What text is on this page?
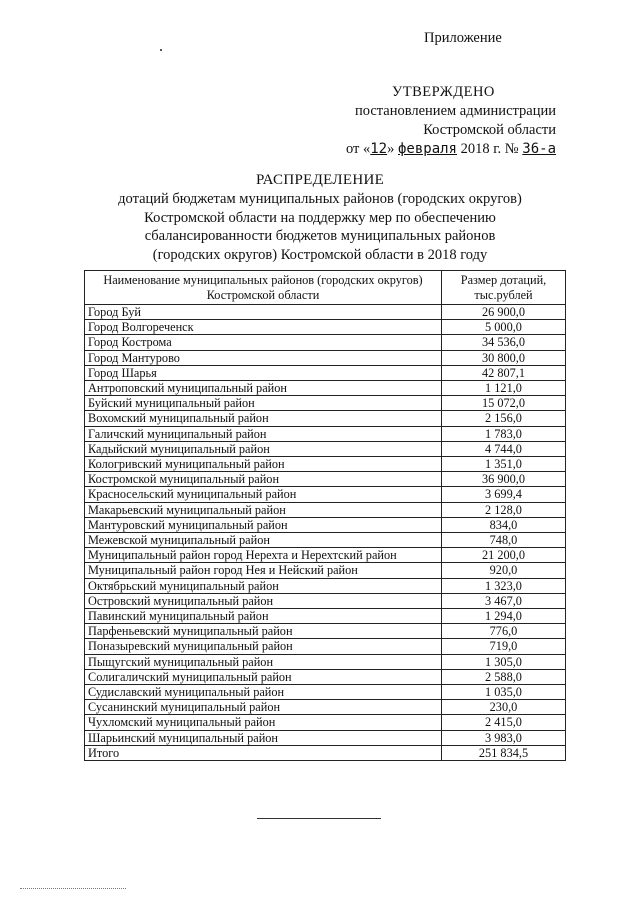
Приложение
УТВЕРЖДЕНО
постановлением администрации
Костромской области
от «12» февраля 2018 г. № 36-а
РАСПРЕДЕЛЕНИЕ
дотаций бюджетам муниципальных районов (городских округов)
Костромской области на поддержку мер по обеспечению
сбалансированности бюджетов муниципальных районов
(городских округов) Костромской области в 2018 году
Наименование муниципальных районов (городских округов) Костромской области	Размер дотаций, тыс.рублей
Город Буй	26 900,0
Город Волгореченск	5 000,0
Город Кострома	34 536,0
Город Мантурово	30 800,0
Город Шарья	42 807,1
Антроповский муниципальный район	1 121,0
Буйский муниципальный район	15 072,0
Вохомский муниципальный район	2 156,0
Галичский муниципальный район	1 783,0
Кадыйский муниципальный район	4 744,0
Кологривский муниципальный район	1 351,0
Костромской муниципальный район	36 900,0
Красносельский муниципальный район	3 699,4
Макарьевский муниципальный район	2 128,0
Мантуровский муниципальный район	834,0
Межевской муниципальный район	748,0
Муниципальный район город Нерехта и Нерехтский район	21 200,0
Муниципальный район город Нея и Нейский район	920,0
Октябрьский муниципальный район	1 323,0
Островский муниципальный район	3 467,0
Павинский муниципальный район	1 294,0
Парфеньевский муниципальный район	776,0
Поназыревский муниципальный район	719,0
Пыщугский муниципальный район	1 305,0
Солигаличский муниципальный район	2 588,0
Судиславский муниципальный район	1 035,0
Сусанинский муниципальный район	230,0
Чухломский муниципальный район	2 415,0
Шарьинский муниципальный район	3 983,0
Итого	251 834,5
